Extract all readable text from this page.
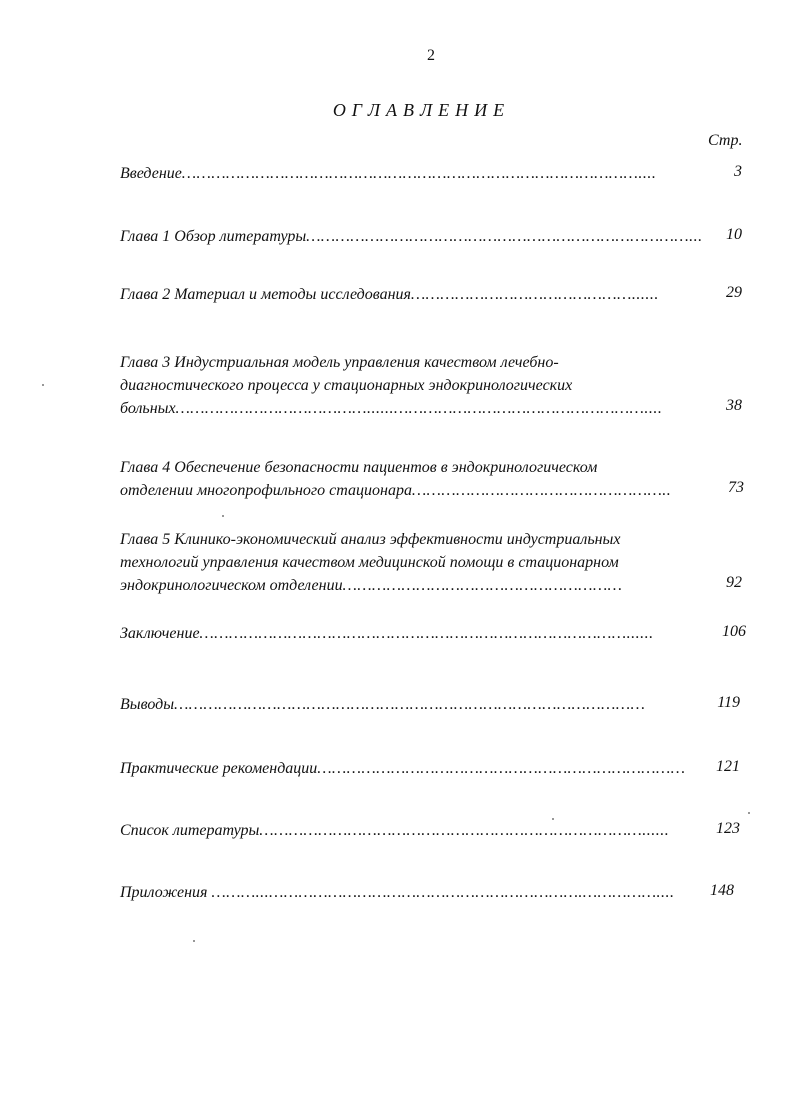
2
ОГЛАВЛЕНИЕ
Стр.
Введение…………………………………………………………………………………....	3
Глава 1 Обзор литературы……………………………………………………………………...	10
Глава 2 Материал и методы исследования………………………………………......	29
Глава 3 Индустриальная модель управления качеством лечебно-
диагностического процесса у стационарных эндокринологических
больных…………………………………......……………………………………………....	38
Глава 4 Обеспечение безопасности пациентов в эндокринологическом
отделении многопрофильного стационара……………………………………………..	73
Глава 5 Клинико-экономический анализ эффективности индустриальных
технологий управления качеством медицинской помощи в стационарном
эндокринологическом отделении…………………………………………………	92
Заключение……………………………………………………………………………......	106
Выводы……………………………………………………………………………………	119
Практические рекомендации…………………………………………………………………	121
Список литературы……………………………………………………………………......	123
Приложения ………...……………………………………………………….……………....	148
